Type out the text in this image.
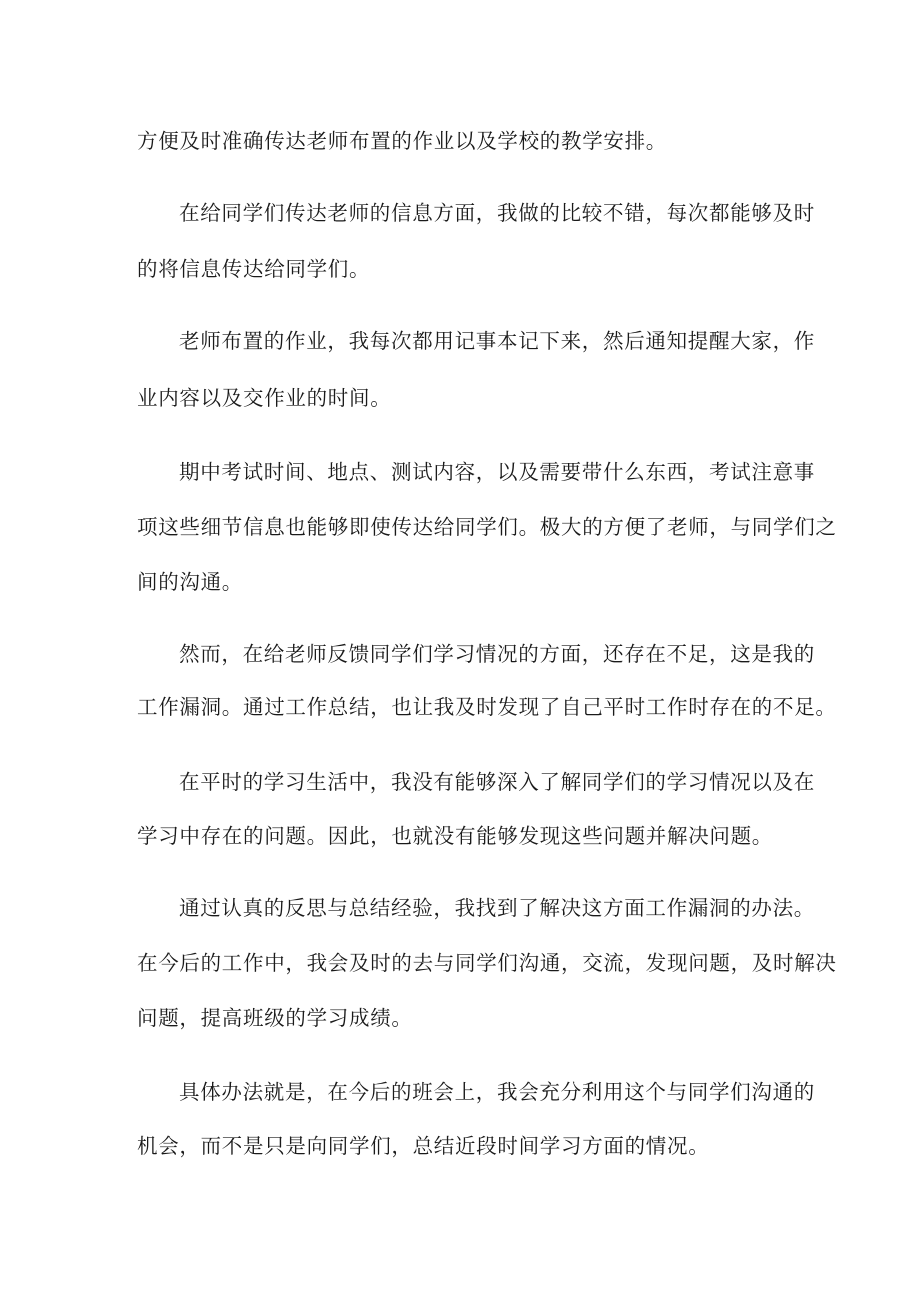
方便及时准确传达老师布置的作业以及学校的教学安排。

在给同学们传达老师的信息方面，我做的比较不错，每次都能够及时

的将信息传达给同学们。

老师布置的作业，我每次都用记事本记下来，然后通知提醒大家，作

业内容以及交作业的时间。

期中考试时间、地点、测试内容，以及需要带什么东西，考试注意事

项这些细节信息也能够即使传达给同学们。极大的方便了老师，与同学们之

间的沟通。

然而，在给老师反馈同学们学习情况的方面，还存在不足，这是我的

工作漏洞。通过工作总结，也让我及时发现了自己平时工作时存在的不足。

在平时的学习生活中，我没有能够深入了解同学们的学习情况以及在

学习中存在的问题。因此，也就没有能够发现这些问题并解决问题。

通过认真的反思与总结经验，我找到了解决这方面工作漏洞的办法。

在今后的工作中，我会及时的去与同学们沟通，交流，发现问题，及时解决

问题，提高班级的学习成绩。

具体办法就是，在今后的班会上，我会充分利用这个与同学们沟通的

机会，而不是只是向同学们，总结近段时间学习方面的情况。
